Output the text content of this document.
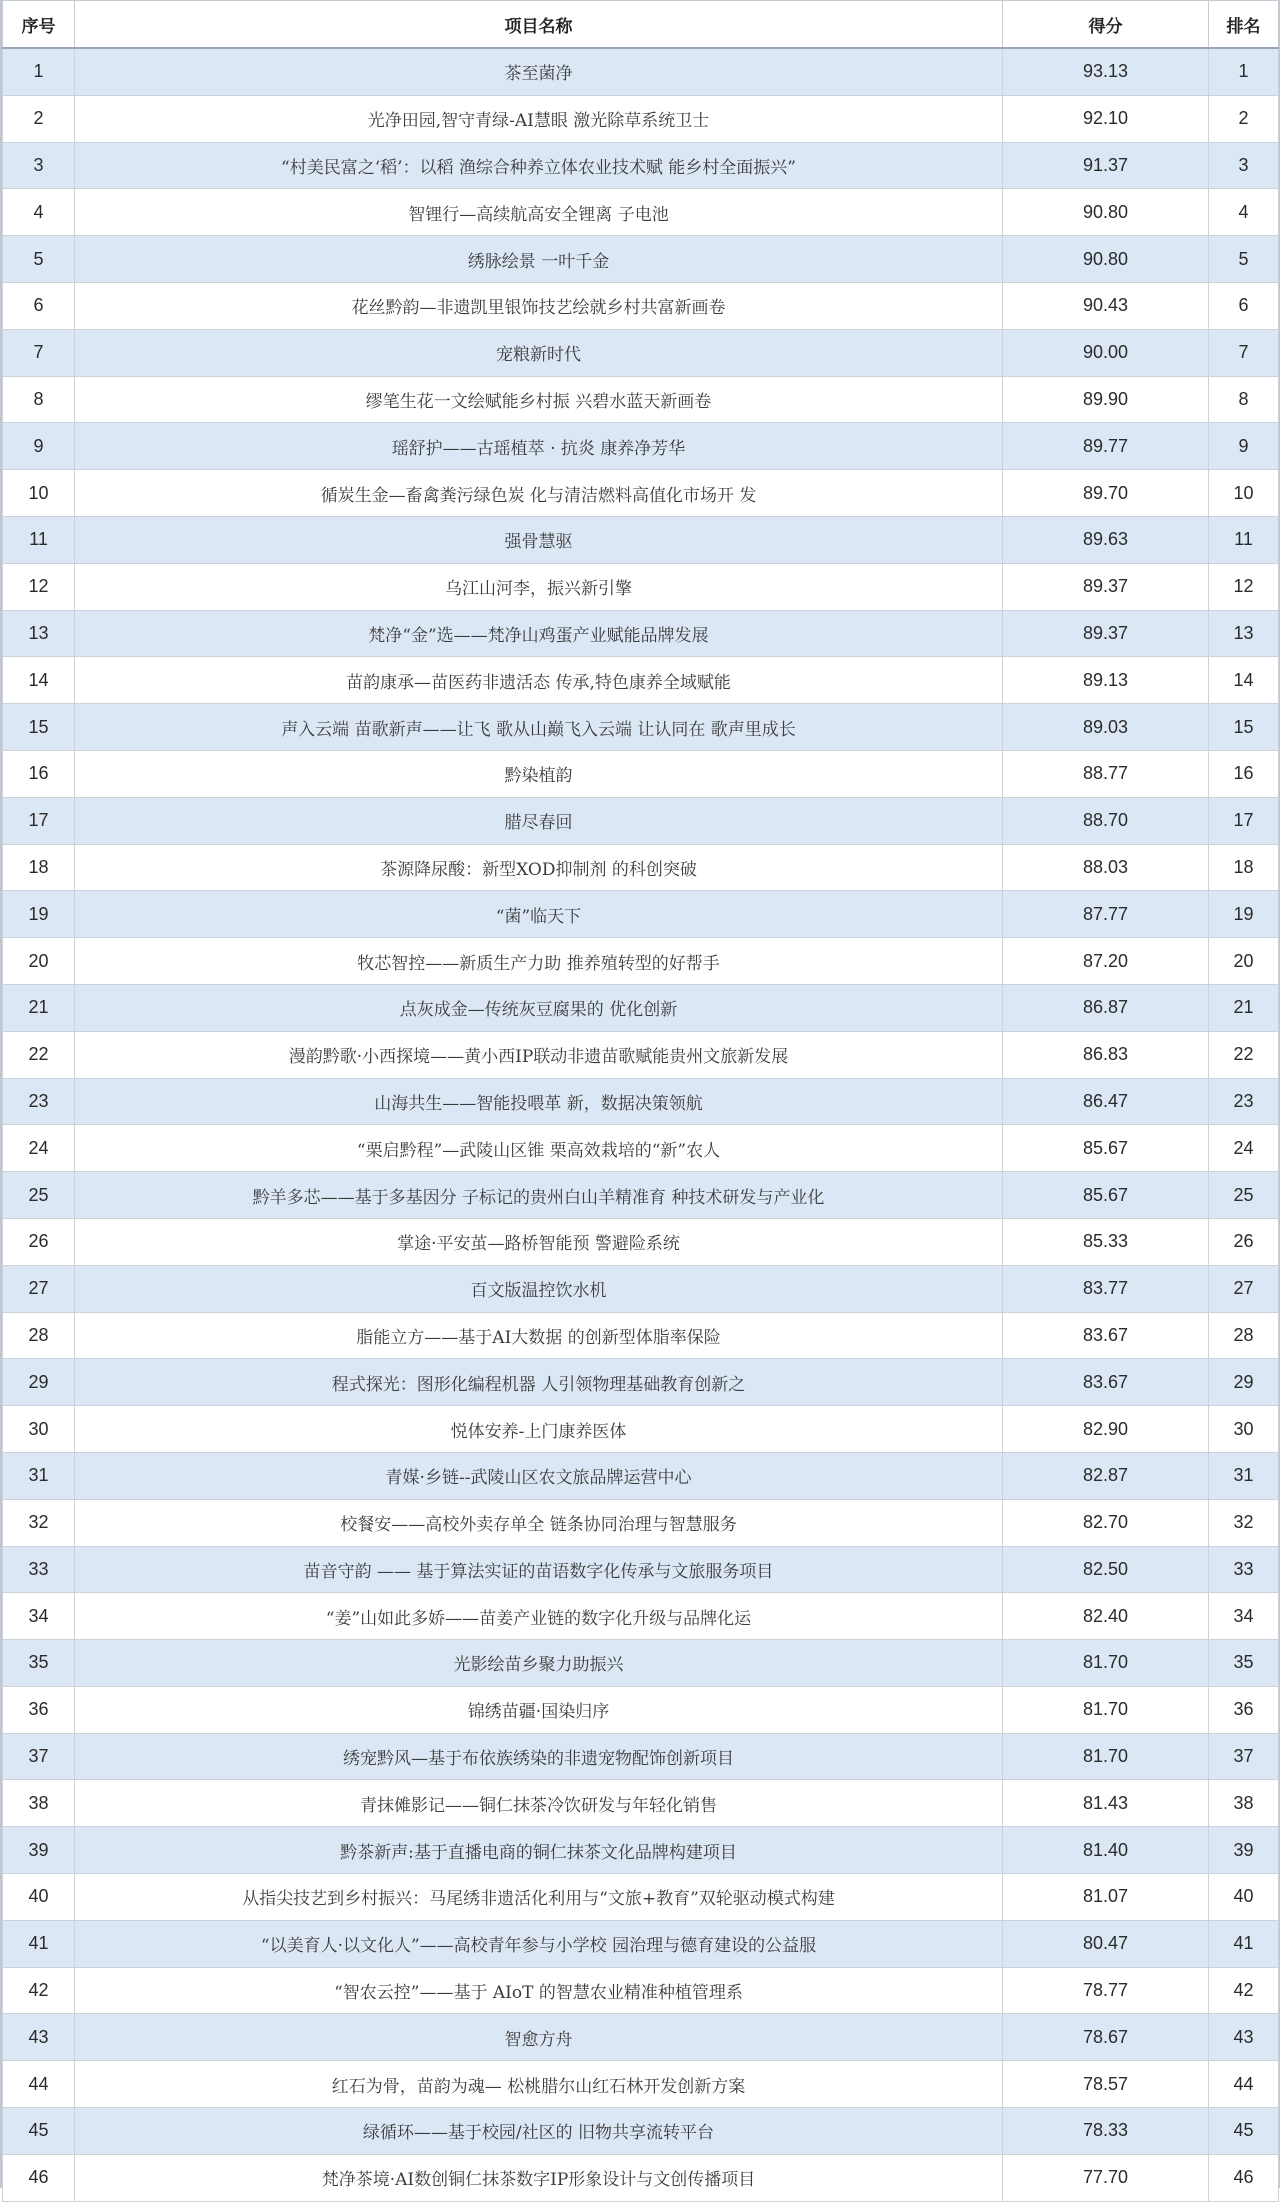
序号	项目名称	得分	排名
1	茶至菌净	93.13	1
2	光净田园,智守青绿-AI慧眼 激光除草系统卫士	92.10	2
3	“村美民富之‘稻’：以稻 渔综合种养立体农业技术赋 能乡村全面振兴”	91.37	3
4	智锂行—高续航高安全锂离 子电池	90.80	4
5	绣脉绘景 一叶千金	90.80	5
6	花丝黔韵—非遗凯里银饰技艺绘就乡村共富新画卷	90.43	6
7	宠粮新时代	90.00	7
8	缪笔生花一文绘赋能乡村振 兴碧水蓝天新画卷	89.90	8
9	瑶舒护——古瑶植萃 · 抗炎 康养净芳华	89.77	9
10	循炭生金—畜禽粪污绿色炭 化与清洁燃料高值化市场开 发	89.70	10
11	强骨慧驱	89.63	11
12	乌江山河李，振兴新引擎	89.37	12
13	梵净“金”选——梵净山鸡蛋产业赋能品牌发展	89.37	13
14	苗韵康承—苗医药非遗活态 传承,特色康养全域赋能	89.13	14
15	声入云端 苗歌新声——让飞 歌从山巅飞入云端 让认同在 歌声里成长	89.03	15
16	黔染植韵	88.77	16
17	腊尽春回	88.70	17
18	茶源降尿酸：新型XOD抑制剂 的科创突破	88.03	18
19	“菌”临天下	87.77	19
20	牧芯智控——新质生产力助 推养殖转型的好帮手	87.20	20
21	点灰成金—传统灰豆腐果的 优化创新	86.87	21
22	漫韵黔歌·小西探境——黄小西IP联动非遗苗歌赋能贵州文旅新发展	86.83	22
23	山海共生——智能投喂革 新，数据决策领航	86.47	23
24	“栗启黔程”—武陵山区锥 栗高效栽培的“新”农人	85.67	24
25	黔羊多芯——基于多基因分 子标记的贵州白山羊精准育 种技术研发与产业化	85.67	25
26	掌途·平安茧—路桥智能预 警避险系统	85.33	26
27	百文版温控饮水机	83.77	27
28	脂能立方——基于AI大数据 的创新型体脂率保险	83.67	28
29	程式探光：图形化编程机器 人引领物理基础教育创新之	83.67	29
30	悦体安养-上门康养医体	82.90	30
31	青媒·乡链--武陵山区农文旅品牌运营中心	82.87	31
32	校餐安——高校外卖存单全 链条协同治理与智慧服务	82.70	32
33	苗音守韵 —— 基于算法实证的苗语数字化传承与文旅服务项目	82.50	33
34	“姜”山如此多娇——苗姜产业链的数字化升级与品牌化运	82.40	34
35	光影绘苗乡聚力助振兴	81.70	35
36	锦绣苗疆·国染归序	81.70	36
37	绣宠黔风—基于布依族绣染的非遗宠物配饰创新项目	81.70	37
38	青抹傩影记——铜仁抹茶冷饮研发与年轻化销售	81.43	38
39	黔茶新声:基于直播电商的铜仁抹茶文化品牌构建项目	81.40	39
40	从指尖技艺到乡村振兴：马尾绣非遗活化利用与“文旅+教育”双轮驱动模式构建	81.07	40
41	“以美育人·以文化人”——高校青年参与小学校 园治理与德育建设的公益服	80.47	41
42	“智农云控”——基于 AIoT 的智慧农业精准种植管理系	78.77	42
43	智愈方舟	78.67	43
44	红石为骨，苗韵为魂— 松桃腊尔山红石林开发创新方案	78.57	44
45	绿循环——基于校园/社区的 旧物共享流转平台	78.33	45
46	梵净茶境·AI数创铜仁抹茶数字IP形象设计与文创传播项目	77.70	46
